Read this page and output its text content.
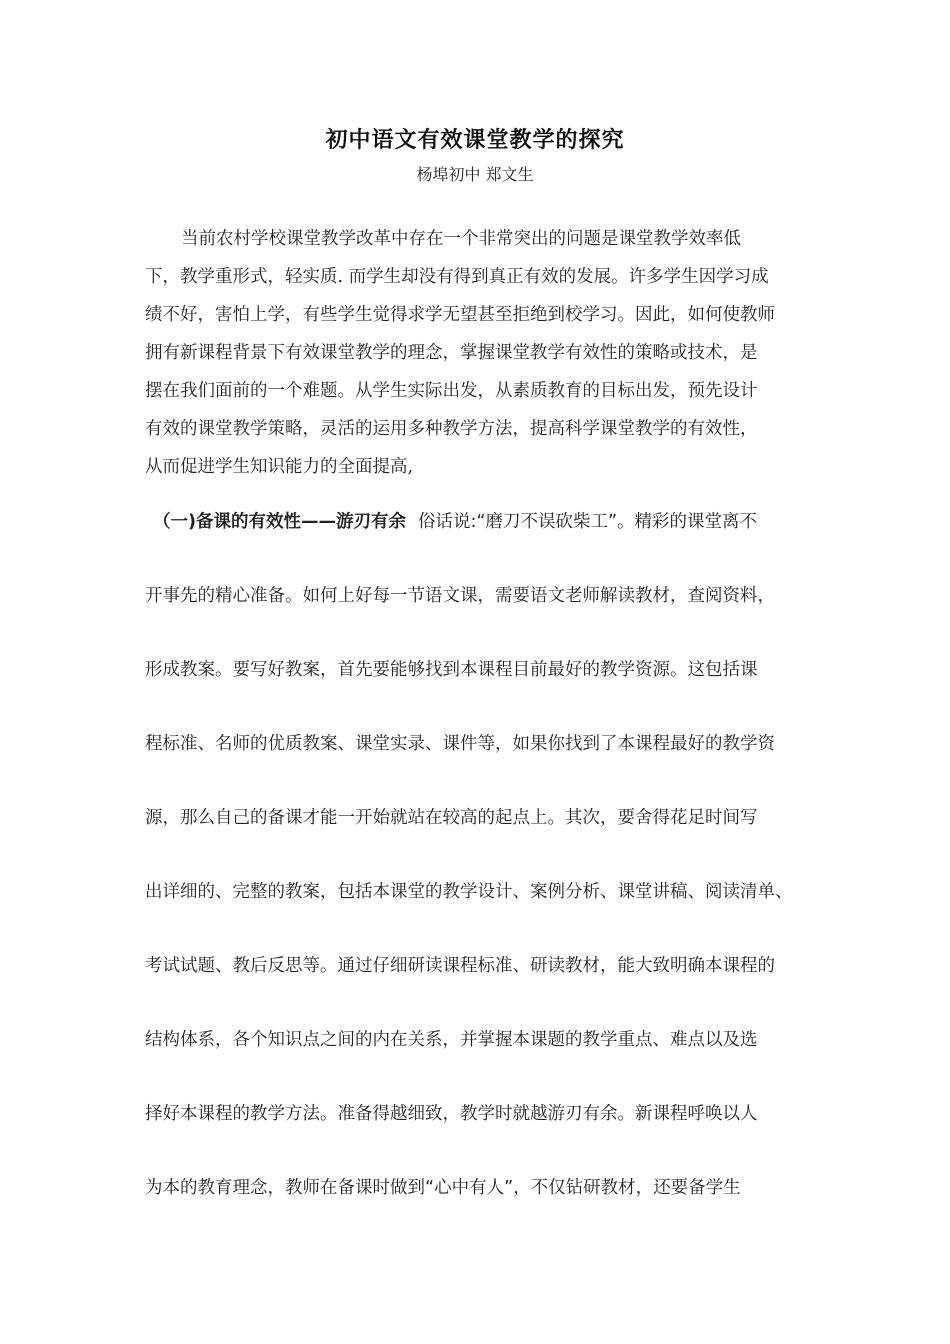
初中语文有效课堂教学的探究
杨埠初中 郑文生
当前农村学校课堂教学改革中存在一个非常突出的问题是课堂教学效率低
下，教学重形式，轻实质. 而学生却没有得到真正有效的发展。许多学生因学习成
绩不好，害怕上学，有些学生觉得求学无望甚至拒绝到校学习。因此，如何使教师
拥有新课程背景下有效课堂教学的理念，掌握课堂教学有效性的策略或技术，是
摆在我们面前的一个难题。从学生实际出发，从素质教育的目标出发，预先设计
有效的课堂教学策略，灵活的运用多种教学方法，提高科学课堂教学的有效性，
从而促进学生知识能力的全面提高,
（一)备课的有效性——游刃有余 俗话说:“磨刀不误砍柴工”。精彩的课堂离不
开事先的精心准备。如何上好每一节语文课，需要语文老师解读教材，查阅资料，
形成教案。要写好教案，首先要能够找到本课程目前最好的教学资源。这包括课
程标准、名师的优质教案、课堂实录、课件等，如果你找到了本课程最好的教学资
源，那么自己的备课才能一开始就站在较高的起点上。其次，要舍得花足时间写
出详细的、完整的教案，包括本课堂的教学设计、案例分析、课堂讲稿、阅读清单、
考试试题、教后反思等。通过仔细研读课程标准、研读教材，能大致明确本课程的
结构体系，各个知识点之间的内在关系，并掌握本课题的教学重点、难点以及选
择好本课程的教学方法。准备得越细致，教学时就越游刃有余。新课程呼唤以人
为本的教育理念，教师在备课时做到“心中有人”，不仅钻研教材，还要备学生
